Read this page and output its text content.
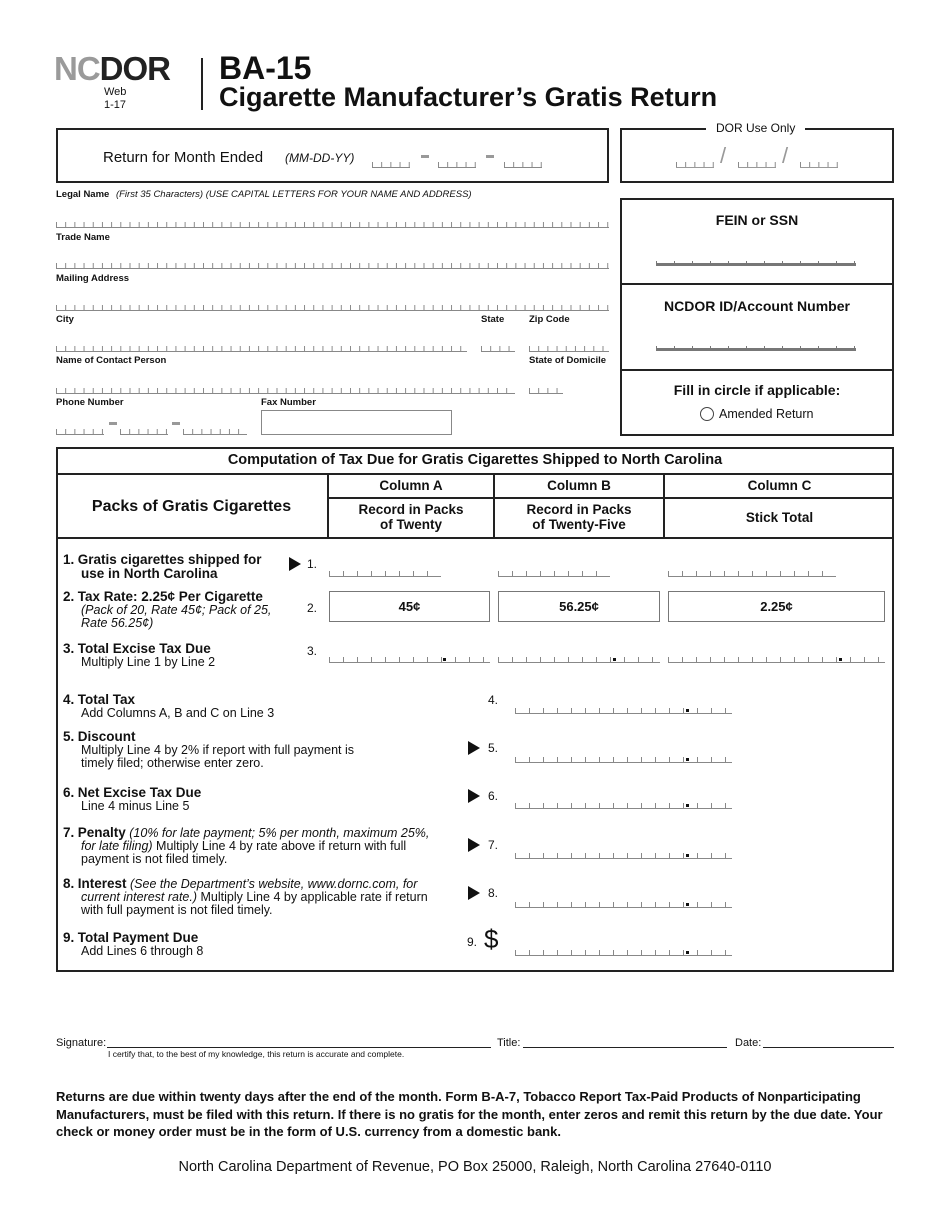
NCDOR
Web
1-17
BA-15
Cigarette Manufacturer’s Gratis Return
Return for Month Ended (MM-DD-YY)
DOR Use Only
/	/
Legal Name (First 35 Characters) (USE CAPITAL LETTERS FOR YOUR NAME AND ADDRESS)
Trade Name
Mailing Address
City	State	Zip Code
Name of Contact Person	State of Domicile
Phone Number	Fax Number
FEIN or SSN
NCDOR ID/Account Number
Fill in circle if applicable:
Amended Return
Computation of Tax Due for Gratis Cigarettes Shipped to North Carolina
Packs of Gratis Cigarettes
Column A	Column B	Column C
Record in Packs
of Twenty
Record in Packs
of Twenty-Five	Stick Total
1. Gratis cigarettes shipped for
use in North Carolina
1.
2. Tax Rate: 2.25¢ Per Cigarette
(Pack of 20, Rate 45¢; Pack of 25,
Rate 56.25¢)
2.	45¢	56.25¢	2.25¢
3. Total Excise Tax Due
Multiply Line 1 by Line 2
3.
4. Total Tax
Add Columns A, B and C on Line 3
4.
5. Discount
Multiply Line 4 by 2% if report with full payment is
timely filed; otherwise enter zero.
5.
6. Net Excise Tax Due
Line 4 minus Line 5
6.
7. Penalty (10% for late payment; 5% per month, maximum 25%,
for late filing) Multiply Line 4 by rate above if return with full
payment is not filed timely.
7.
8. Interest (See the Department’s website, www.dornc.com, for
current interest rate.) Multiply Line 4 by applicable rate if return
with full payment is not filed timely.
8.
9. Total Payment Due
Add Lines 6 through 8
9. $
Signature:
I certify that, to the best of my knowledge, this return is accurate and complete.
Title:	Date:
Returns are due within twenty days after the end of the month. Form B-A-7, Tobacco Report Tax-Paid Products of Nonparticipating Manufacturers, must be filed with this return. If there is no gratis for the month, enter zeros and remit this return by the due date. Your check or money order must be in the form of U.S. currency from a domestic bank.
North Carolina Department of Revenue, PO Box 25000, Raleigh, North Carolina 27640-0110
